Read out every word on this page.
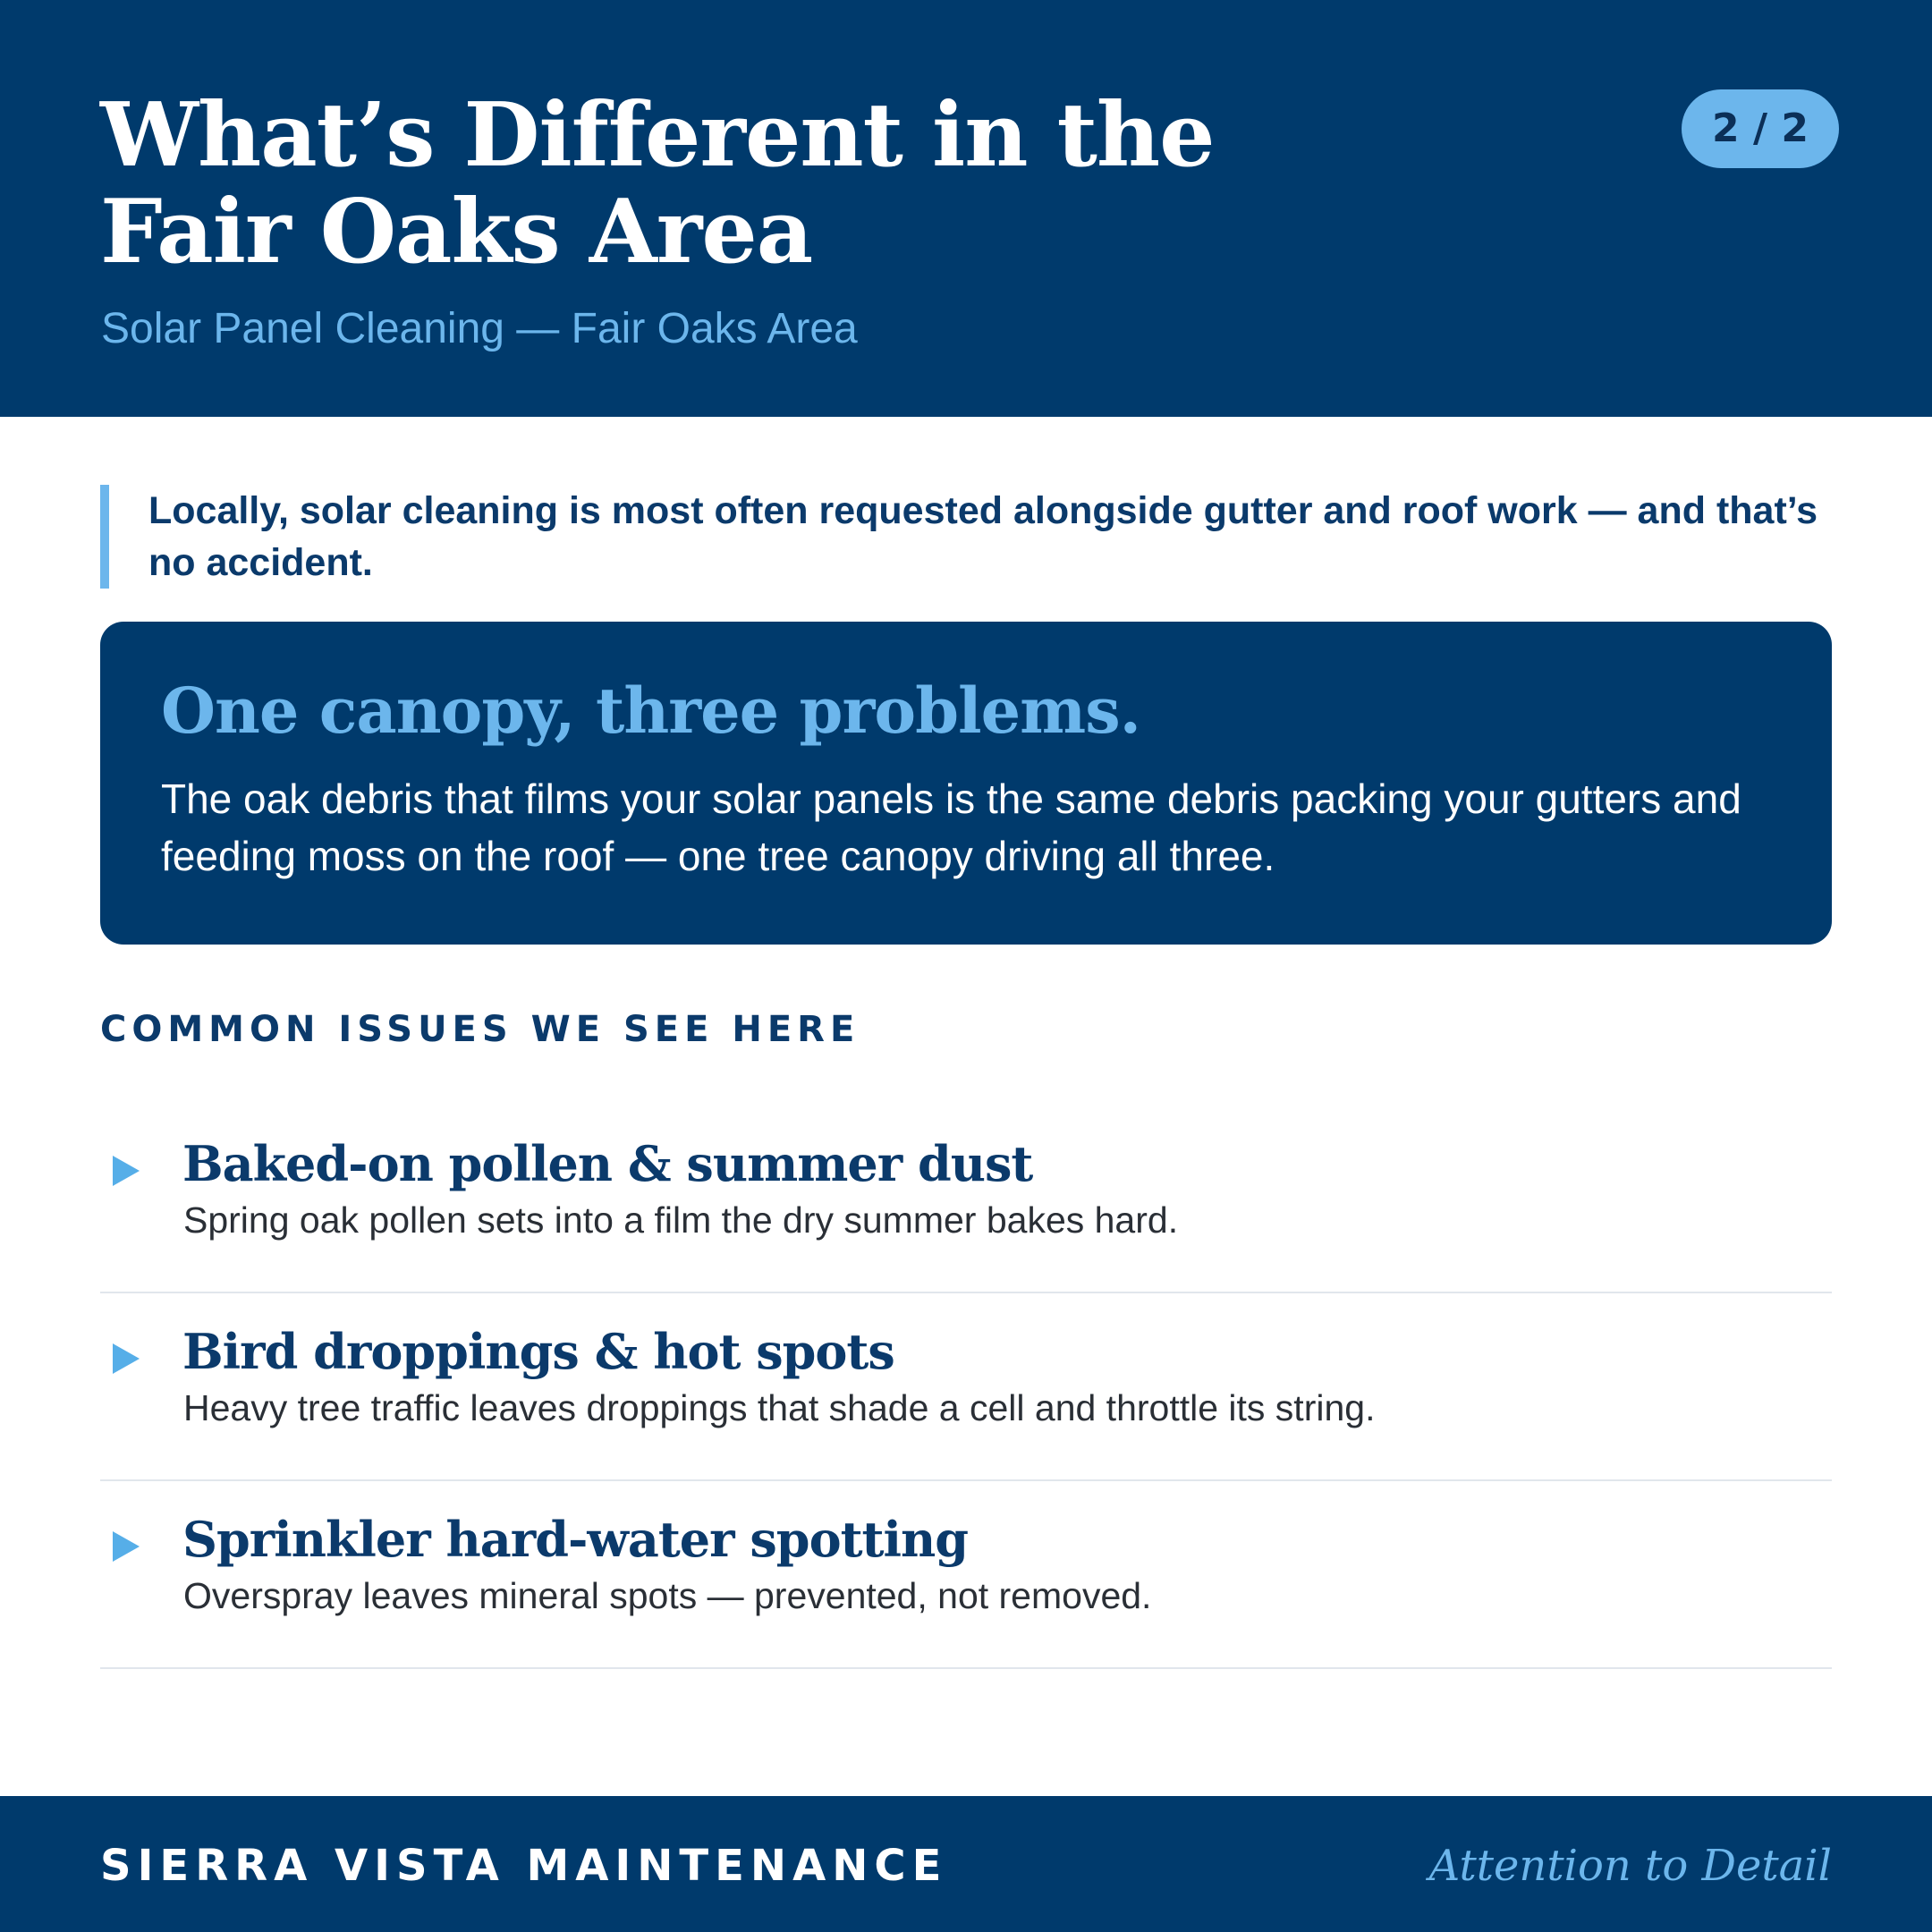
What’s Different in the
Fair Oaks Area
Solar Panel Cleaning — Fair Oaks Area
2 / 2
Locally, solar cleaning is most often requested alongside gutter and roof work — and that’s no accident.
One canopy, three problems.
The oak debris that films your solar panels is the same debris packing your gutters and feeding moss on the roof — one tree canopy driving all three.
COMMON ISSUES WE SEE HERE
Baked-on pollen & summer dust
Spring oak pollen sets into a film the dry summer bakes hard.
Bird droppings & hot spots
Heavy tree traffic leaves droppings that shade a cell and throttle its string.
Sprinkler hard-water spotting
Overspray leaves mineral spots — prevented, not removed.
SIERRA VISTA MAINTENANCE	Attention to Detail
